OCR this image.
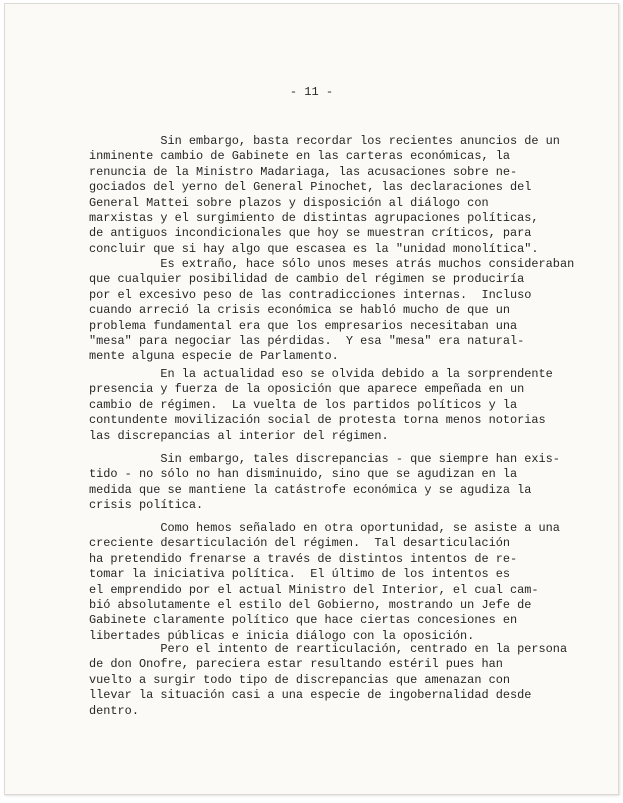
- 11 -
Sin embargo, basta recordar los recientes anuncios de un
inminente cambio de Gabinete en las carteras económicas, la
renuncia de la Ministro Madariaga, las acusaciones sobre ne-
gociados del yerno del General Pinochet, las declaraciones del
General Mattei sobre plazos y disposición al diálogo con
marxistas y el surgimiento de distintas agrupaciones políticas,
de antiguos incondicionales que hoy se muestran críticos, para
concluir que si hay algo que escasea es la "unidad monolítica".
Es extraño, hace sólo unos meses atrás muchos consideraban
que cualquier posibilidad de cambio del régimen se produciría
por el excesivo peso de las contradicciones internas.  Incluso
cuando arreció la crisis económica se habló mucho de que un
problema fundamental era que los empresarios necesitaban una
"mesa" para negociar las pérdidas.  Y esa "mesa" era natural-
mente alguna especie de Parlamento.
En la actualidad eso se olvida debido a la sorprendente
presencia y fuerza de la oposición que aparece empeñada en un
cambio de régimen.  La vuelta de los partidos políticos y la
contundente movilización social de protesta torna menos notorias
las discrepancias al interior del régimen.
Sin embargo, tales discrepancias - que siempre han exis-
tido - no sólo no han disminuido, sino que se agudizan en la
medida que se mantiene la catástrofe económica y se agudiza la
crisis política.
Como hemos señalado en otra oportunidad, se asiste a una
creciente desarticulación del régimen.  Tal desarticulación
ha pretendido frenarse a través de distintos intentos de re-
tomar la iniciativa política.  El último de los intentos es
el emprendido por el actual Ministro del Interior, el cual cam-
bió absolutamente el estilo del Gobierno, mostrando un Jefe de
Gabinete claramente político que hace ciertas concesiones en
libertades públicas e inicia diálogo con la oposición.
Pero el intento de rearticulación, centrado en la persona
de don Onofre, pareciera estar resultando estéril pues han
vuelto a surgir todo tipo de discrepancias que amenazan con
llevar la situación casi a una especie de ingobernalidad desde
dentro.
